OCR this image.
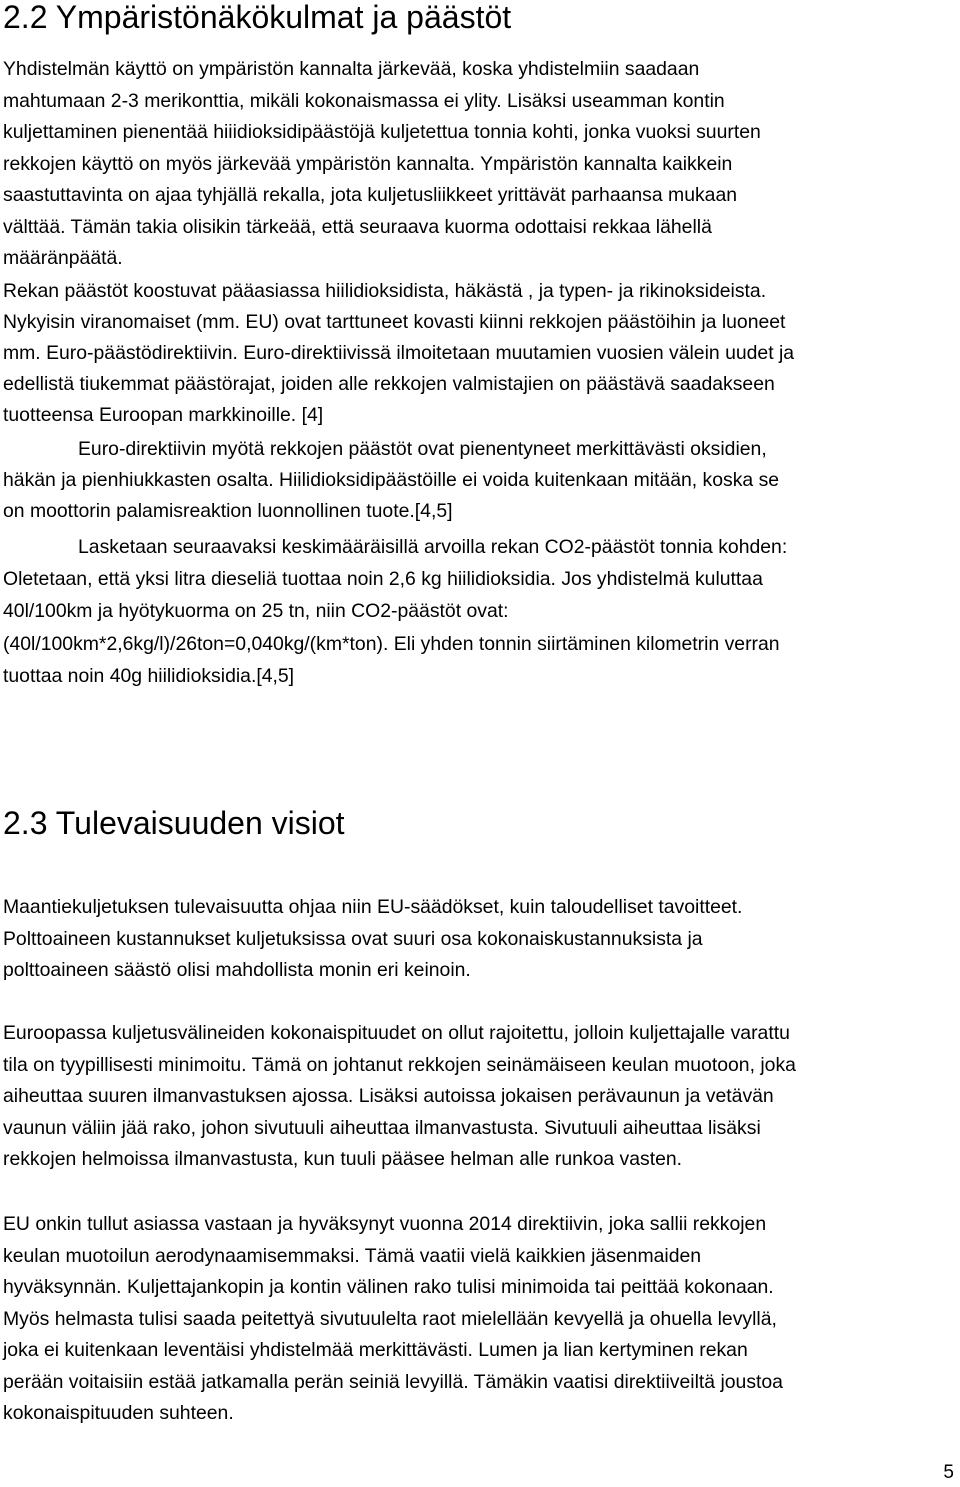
2.2 Ympäristönäkökulmat ja päästöt
Yhdistelmän käyttö on ympäristön kannalta järkevää, koska yhdistelmiin saadaan
mahtumaan 2-3 merikonttia, mikäli kokonaismassa ei ylity. Lisäksi useamman kontin
kuljettaminen pienentää hiiidioksidipäästöjä kuljetettua tonnia kohti, jonka vuoksi suurten
rekkojen käyttö on myös järkevää ympäristön kannalta. Ympäristön kannalta kaikkein
saastuttavinta on ajaa tyhjällä rekalla, jota kuljetusliikkeet yrittävät parhaansa mukaan
välttää. Tämän takia olisikin tärkeää, että seuraava kuorma odottaisi rekkaa lähellä
määränpäätä.
Rekan päästöt koostuvat pääasiassa hiilidioksidista, häkästä , ja typen- ja rikinoksideista.
Nykyisin viranomaiset (mm. EU) ovat tarttuneet kovasti kiinni rekkojen päästöihin ja luoneet
mm. Euro-päästödirektiivin. Euro-direktiivissä ilmoitetaan muutamien vuosien välein uudet ja
edellistä tiukemmat päästörajat, joiden alle rekkojen valmistajien on päästävä saadakseen
tuotteensa Euroopan markkinoille. [4]
Euro-direktiivin myötä rekkojen päästöt ovat pienentyneet merkittävästi oksidien,
häkän ja pienhiukkasten osalta. Hiilidioksidipäästöille ei voida kuitenkaan mitään, koska se
on moottorin palamisreaktion luonnollinen tuote.[4,5]
Lasketaan seuraavaksi keskimääräisillä arvoilla rekan CO2-päästöt tonnia kohden:
Oletetaan, että yksi litra dieseliä tuottaa noin 2,6 kg hiilidioksidia. Jos yhdistelmä kuluttaa
40l/100km ja hyötykuorma on 25 tn, niin CO2-päästöt ovat:
(40l/100km*2,6kg/l)/26ton=0,040kg/(km*ton). Eli yhden tonnin siirtäminen kilometrin verran
tuottaa noin 40g hiilidioksidia.[4,5]
2.3 Tulevaisuuden visiot
Maantiekuljetuksen tulevaisuutta ohjaa niin EU-säädökset, kuin taloudelliset tavoitteet.
Polttoaineen kustannukset kuljetuksissa ovat suuri osa kokonaiskustannuksista ja
polttoaineen säästö olisi mahdollista monin eri keinoin.
Euroopassa kuljetusvälineiden kokonaispituudet on ollut rajoitettu, jolloin kuljettajalle varattu
tila on tyypillisesti minimoitu. Tämä on johtanut rekkojen seinämäiseen keulan muotoon, joka
aiheuttaa suuren ilmanvastuksen ajossa. Lisäksi autoissa jokaisen perävaunun ja vetävän
vaunun väliin jää rako, johon sivutuuli aiheuttaa ilmanvastusta. Sivutuuli aiheuttaa lisäksi
rekkojen helmoissa ilmanvastusta, kun tuuli pääsee helman alle runkoa vasten.
EU onkin tullut asiassa vastaan ja hyväksynyt vuonna 2014 direktiivin, joka sallii rekkojen
keulan muotoilun aerodynaamisemmaksi. Tämä vaatii vielä kaikkien jäsenmaiden
hyväksynnän. Kuljettajankopin ja kontin välinen rako tulisi minimoida tai peittää kokonaan.
Myös helmasta tulisi saada peitettyä sivutuulelta raot mielellään kevyellä ja ohuella levyllä,
joka ei kuitenkaan leventäisi yhdistelmää merkittävästi. Lumen ja lian kertyminen rekan
perään voitaisiin estää jatkamalla perän seiniä levyillä. Tämäkin vaatisi direktiiveiltä joustoa
kokonaispituuden suhteen.
5
